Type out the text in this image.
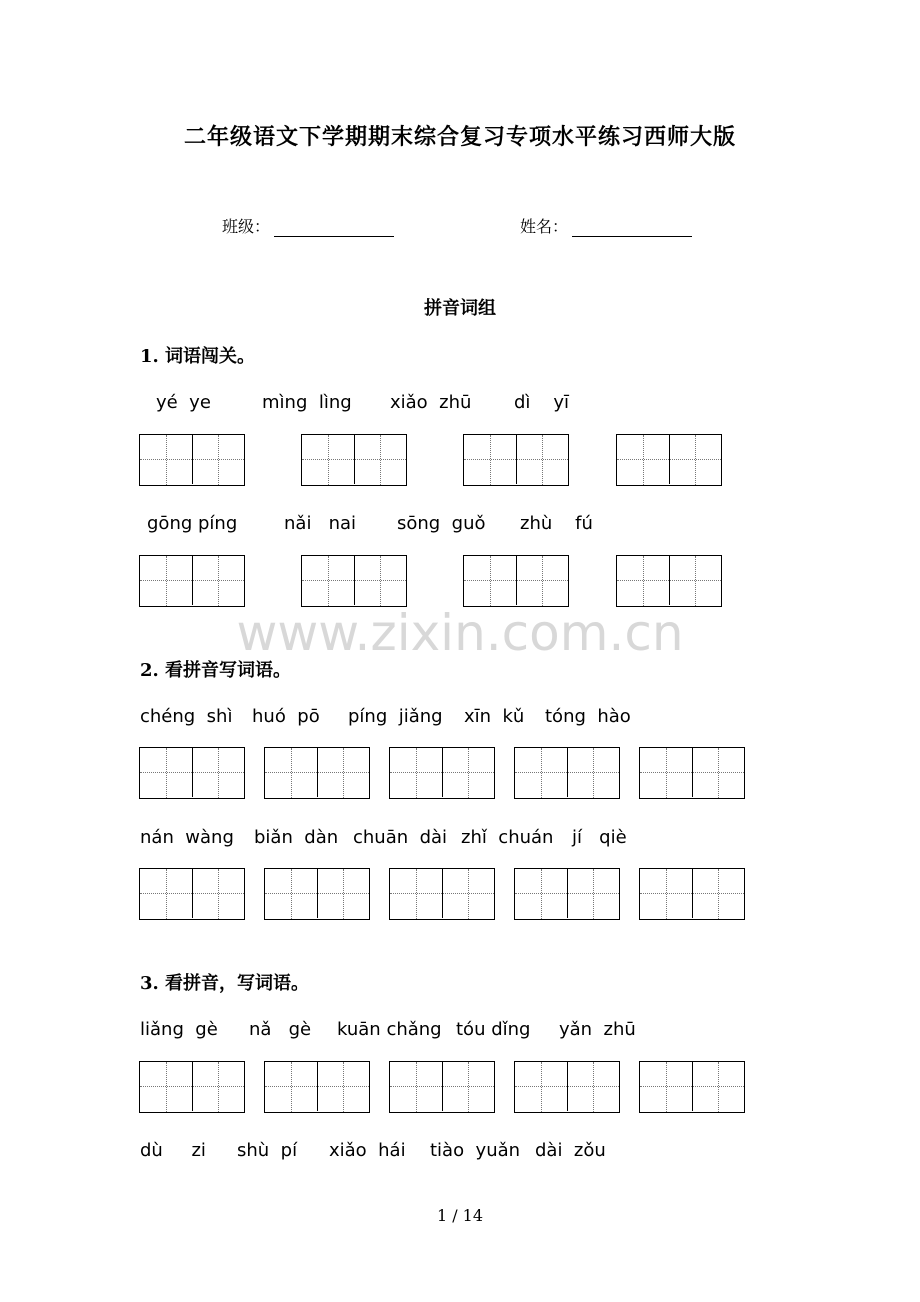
二年级语文下学期期末综合复习专项水平练习西师大版
班级：	姓名：
拼音词组
1. 词语闯关。
yé  ye	mìng  lìng xiǎo  zhū dì    yī
gōng píng	nǎi   nai sōng  guǒ zhù    fú
www.zixin.com.cn
2. 看拼音写词语。
chéng  shì huó  pō píng  jiǎng xīn  kǔ tóng  hào
nán  wàng biǎn  dàn chuān  dài zhǐ  chuán jí   qiè
3. 看拼音，写词语。
liǎng  gè nǎ   gè kuān chǎng tóu dǐng yǎn  zhū
dù     zi shù  pí xiǎo  hái tiào  yuǎn dài  zǒu
1 / 14
